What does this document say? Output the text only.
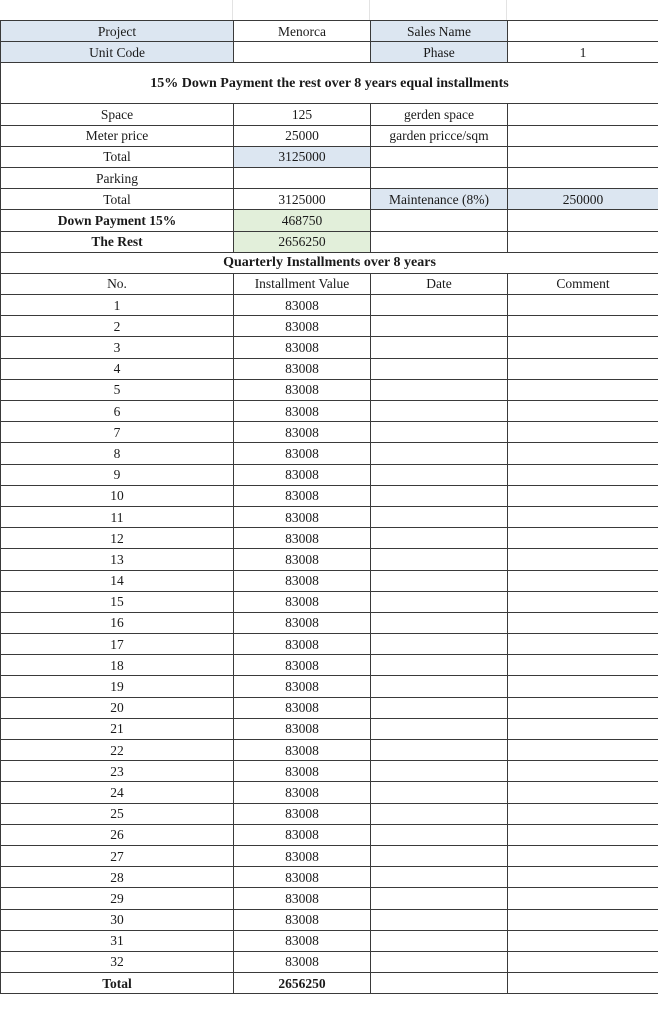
Project	Menorca	Sales Name	
Unit Code		Phase	1
15% Down Payment the rest over 8 years equal installments			
Space	125	gerden space	
Meter price	25000	garden pricce/sqm	
Total	3125000		
Parking			
Total	3125000	Maintenance (8%)	250000
Down Payment 15%	468750		
The Rest	2656250		
Quarterly Installments over 8 years			
No.	Installment Value	Date	Comment
1	83008		
2	83008		
3	83008		
4	83008		
5	83008		
6	83008		
7	83008		
8	83008		
9	83008		
10	83008		
11	83008		
12	83008		
13	83008		
14	83008		
15	83008		
16	83008		
17	83008		
18	83008		
19	83008		
20	83008		
21	83008		
22	83008		
23	83008		
24	83008		
25	83008		
26	83008		
27	83008		
28	83008		
29	83008		
30	83008		
31	83008		
32	83008		
Total	2656250		
